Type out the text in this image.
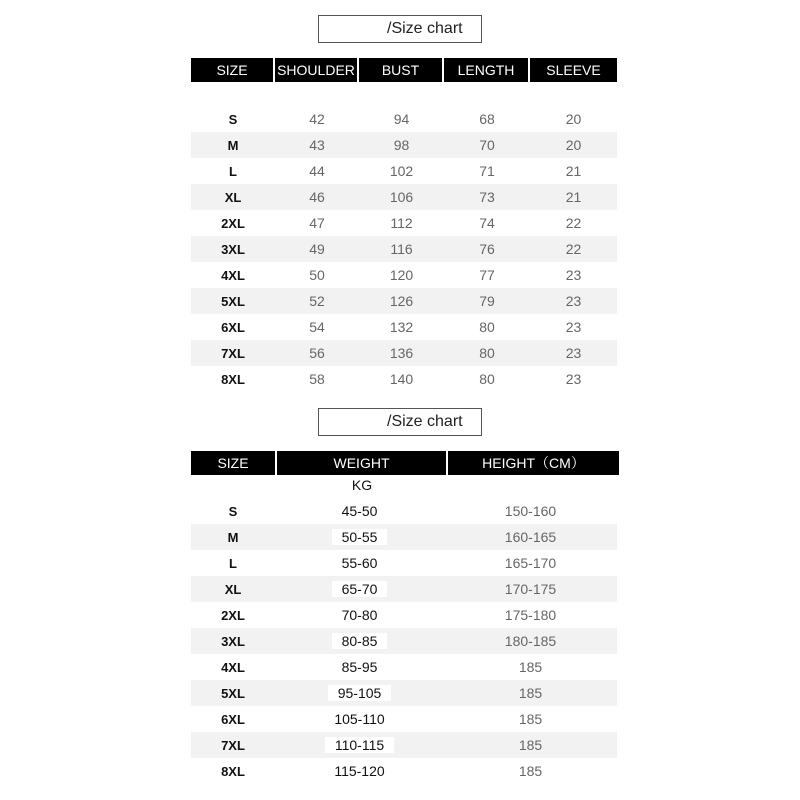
/Size chart
SIZE	SHOULDER	BUST	LENGTH	SLEEVE
S	42	94	68	20
M	43	98	70	20
L	44	102	71	21
XL	46	106	73	21
2XL	47	112	74	22
3XL	49	116	76	22
4XL	50	120	77	23
5XL	52	126	79	23
6XL	54	132	80	23
7XL	56	136	80	23
8XL	58	140	80	23
/Size chart
SIZE	WEIGHT	HEIGHT（CM）
KG
S	45-50	150-160
M	50-55	160-165
L	55-60	165-170
XL	65-70	170-175
2XL	70-80	175-180
3XL	80-85	180-185
4XL	85-95	185
5XL	95-105	185
6XL	105-110	185
7XL	110-115	185
8XL	115-120	185
